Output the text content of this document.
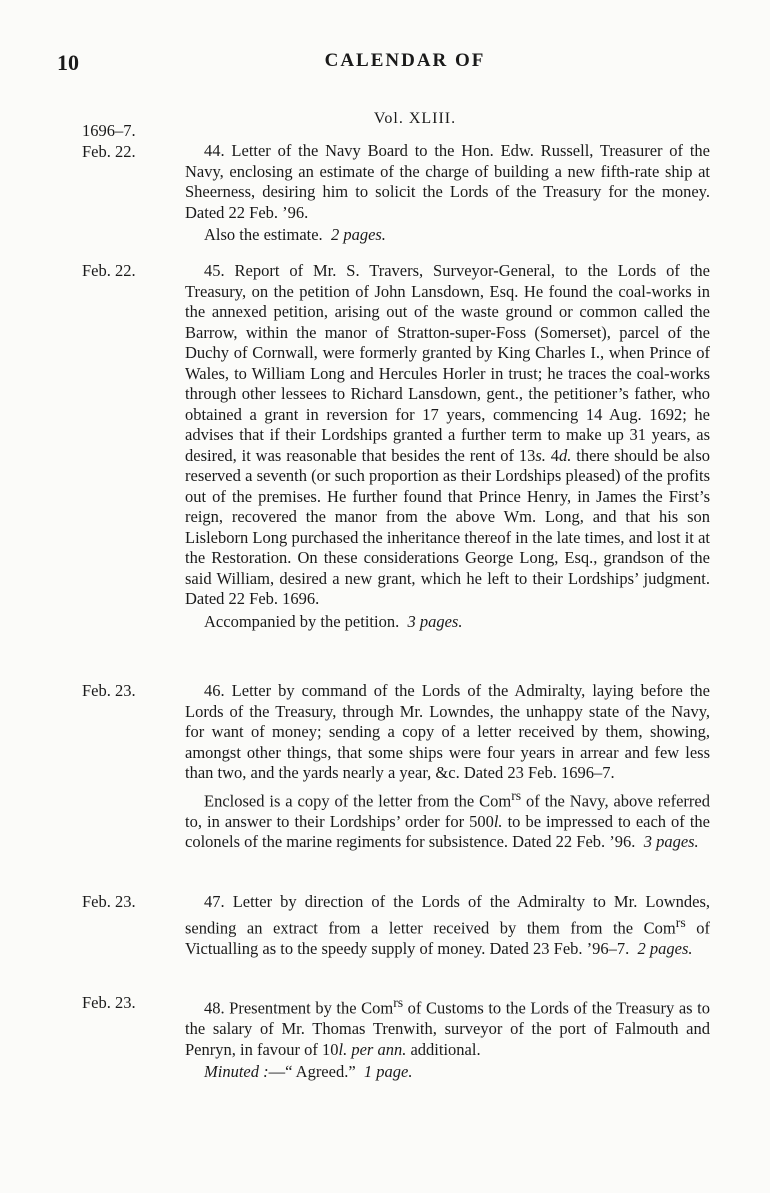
10	CALENDAR OF
Vol. XLIII.
1696–7.
Feb. 22.	44. Letter of the Navy Board to the Hon. Edw. Russell, Treasurer of the Navy, enclosing an estimate of the charge of building a new fifth-rate ship at Sheerness, desiring him to solicit the Lords of the Treasury for the money. Dated 22 Feb. ’96.

Also the estimate. 2 pages.

Feb. 22.	45. Report of Mr. S. Travers, Surveyor-General, to the Lords of the Treasury, on the petition of John Lansdown, Esq. He found the coal-works in the annexed petition, arising out of the waste ground or common called the Barrow, within the manor of Stratton-super-Foss (Somerset), parcel of the Duchy of Cornwall, were formerly granted by King Charles I., when Prince of Wales, to William Long and Hercules Horler in trust; he traces the coal-works through other lessees to Richard Lansdown, gent., the petitioner’s father, who obtained a grant in reversion for 17 years, commencing 14 Aug. 1692; he advises that if their Lordships granted a further term to make up 31 years, as desired, it was reasonable that besides the rent of 13s. 4d. there should be also reserved a seventh (or such proportion as their Lordships pleased) of the profits out of the premises. He further found that Prince Henry, in James the First’s reign, recovered the manor from the above Wm. Long, and that his son Lisleborn Long purchased the inheritance thereof in the late times, and lost it at the Restoration. On these considerations George Long, Esq., grandson of the said William, desired a new grant, which he left to their Lordships’ judgment. Dated 22 Feb. 1696.

Accompanied by the petition. 3 pages.

Feb. 23.	46. Letter by command of the Lords of the Admiralty, laying before the Lords of the Treasury, through Mr. Lowndes, the unhappy state of the Navy, for want of money; sending a copy of a letter received by them, showing, amongst other things, that some ships were four years in arrear and few less than two, and the yards nearly a year, &c. Dated 23 Feb. 1696–7.

Enclosed is a copy of the letter from the Com$^{rs}$ of the Navy, above referred to, in answer to their Lordships’ order for 500l. to be impressed to each of the colonels of the marine regiments for subsistence. Dated 22 Feb. ’96. 3 pages.

Feb. 23.	47. Letter by direction of the Lords of the Admiralty to Mr. Lowndes, sending an extract from a letter received by them from the Com$^{rs}$ of Victualling as to the speedy supply of money. Dated 23 Feb. ’96–7. 2 pages.

Feb. 23.	48. Presentment by the Com$^{rs}$ of Customs to the Lords of the Treasury as to the salary of Mr. Thomas Trenwith, surveyor of the port of Falmouth and Penryn, in favour of 10l. per ann. additional.

Minuted :—“ Agreed.” 1 page.
